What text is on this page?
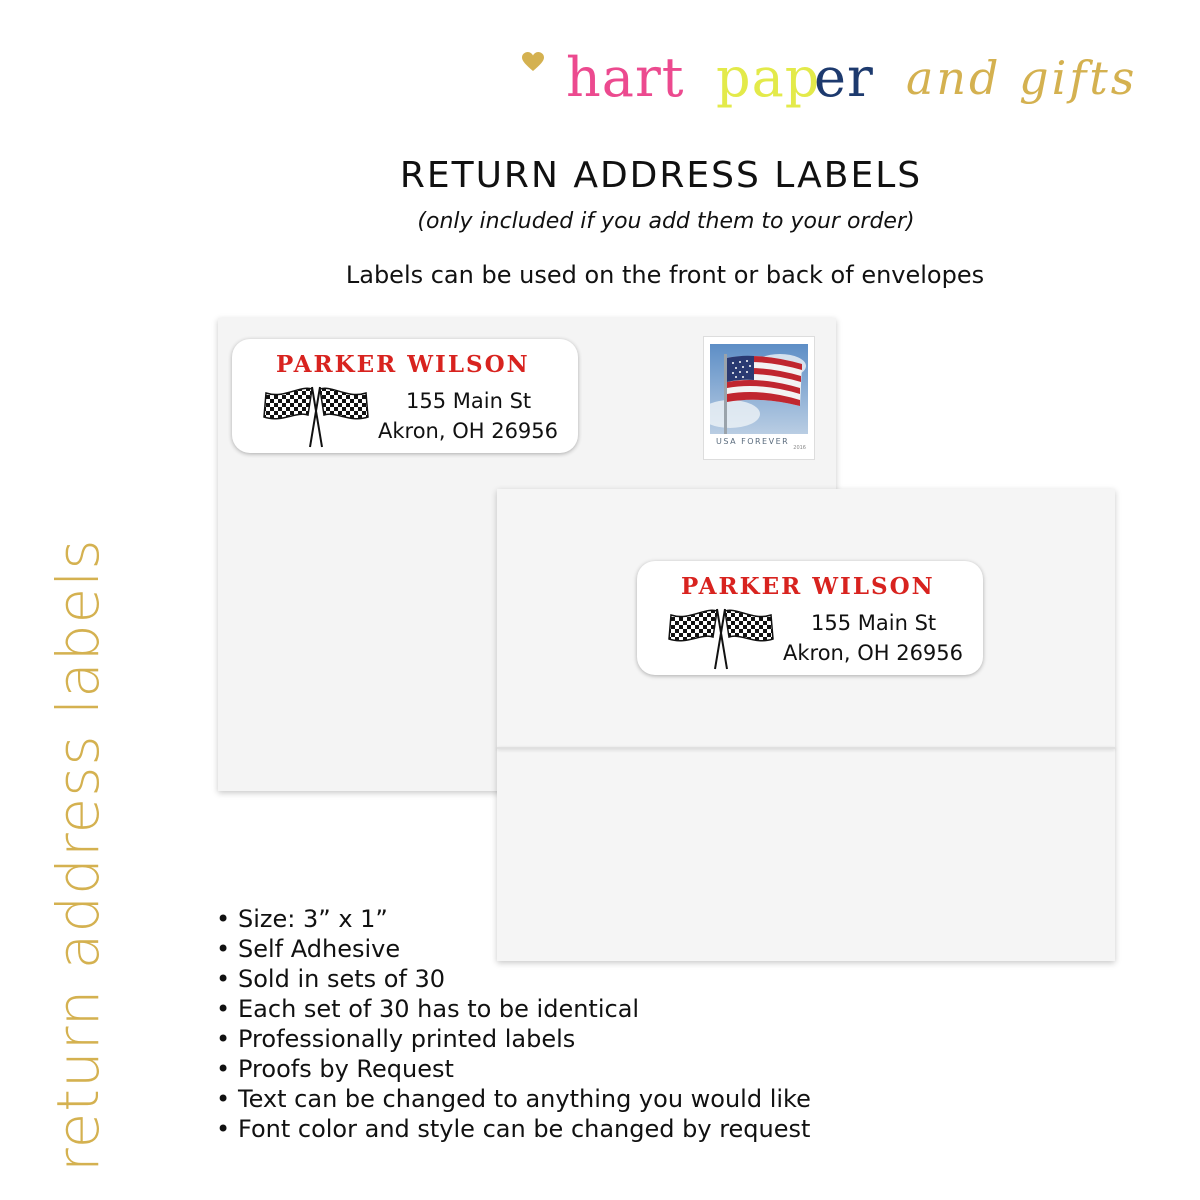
hart pap
er and gifts
RETURN ADDRESS LABELS
(only included if you add them to your order)
Labels can be used on the front or back of envelopes
return address labels
PARKER WILSON
155 Main St
Akron, OH 26956	USA FOREVER
2016
PARKER WILSON
155 Main St
Akron, OH 26956
• Size: 3” x 1”
• Self Adhesive
• Sold in sets of 30
• Each set of 30 has to be identical
• Professionally printed labels
• Proofs by Request
• Text can be changed to anything you would like
• Font color and style can be changed by request
